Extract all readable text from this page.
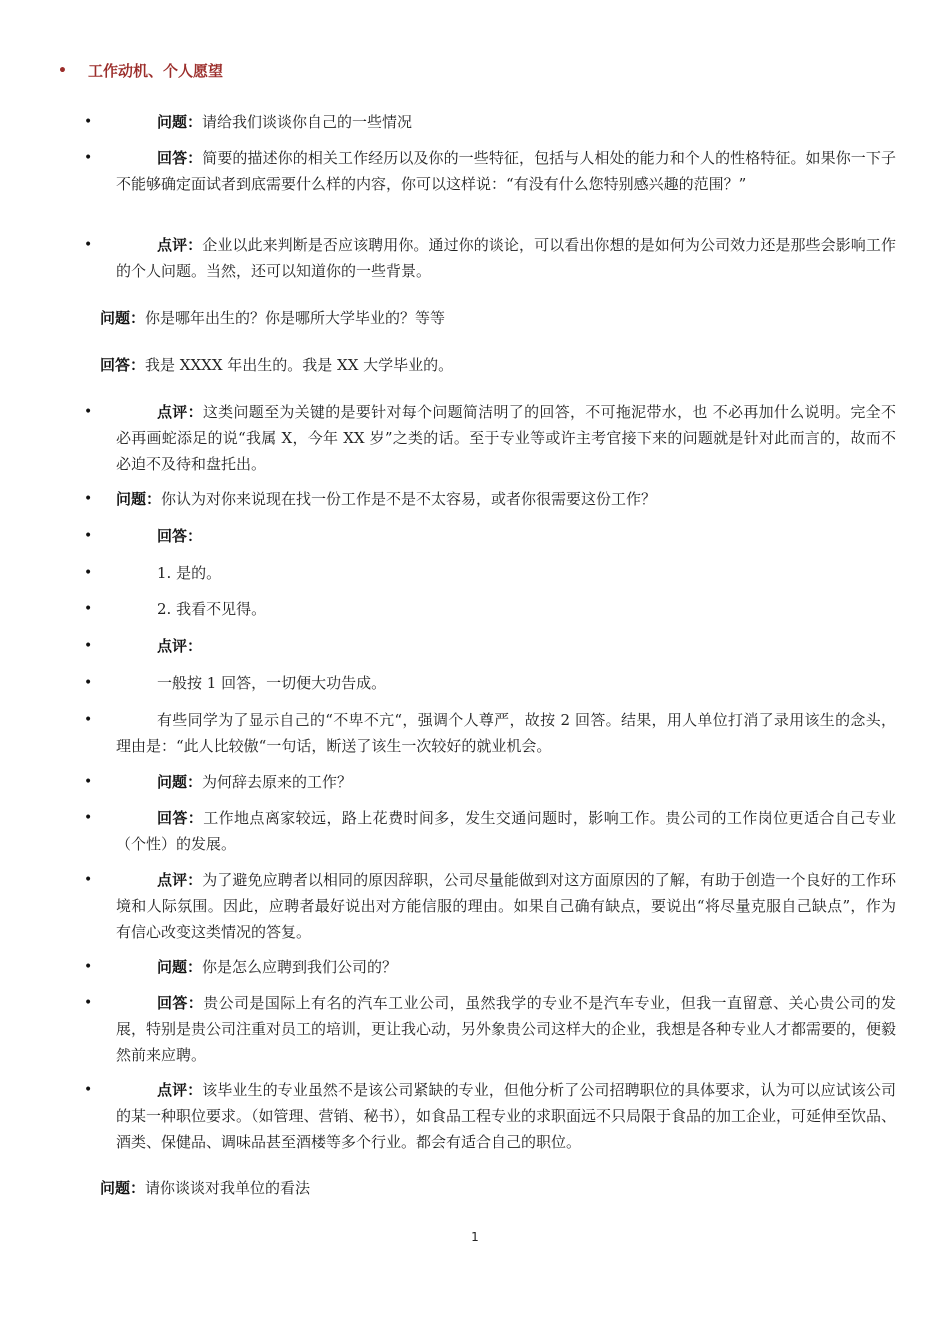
•	工作动机、个人愿望
•	问题：请给我们谈谈你自己的一些情况
•	回答：简要的描述你的相关工作经历以及你的一些特征，包括与人相处的能力和个人的性格特征。如果你一下子不能够确定面试者到底需要什么样的内容，你可以这样说：“有没有什么您特别感兴趣的范围？”
•	点评：企业以此来判断是否应该聘用你。通过你的谈论，可以看出你想的是如何为公司效力还是那些会影响工作的个人问题。当然，还可以知道你的一些背景。
问题：你是哪年出生的？你是哪所大学毕业的？等等
回答：我是 XXXX 年出生的。我是 XX 大学毕业的。
•	点评：这类问题至为关键的是要针对每个问题简洁明了的回答，不可拖泥带水，也 不必再加什么说明。完全不必再画蛇添足的说“我属 X，今年 XX 岁”之类的话。至于专业等或许主考官接下来的问题就是针对此而言的，故而不必迫不及待和盘托出。
• 问题：你认为对你来说现在找一份工作是不是不太容易，或者你很需要这份工作？
•	回答：
•	1. 是的。
•	2. 我看不见得。
•	点评：
•	一般按 1 回答，一切便大功告成。
•	有些同学为了显示自己的“不卑不亢“，强调个人尊严，故按 2 回答。结果，用人单位打消了录用该生的念头，理由是：“此人比较傲“一句话，断送了该生一次较好的就业机会。
•	问题：为何辞去原来的工作？
•	回答：工作地点离家较远，路上花费时间多，发生交通问题时，影响工作。贵公司的工作岗位更适合自己专业（个性）的发展。
•	点评：为了避免应聘者以相同的原因辞职，公司尽量能做到对这方面原因的了解，有助于创造一个良好的工作环境和人际氛围。因此，应聘者最好说出对方能信服的理由。如果自己确有缺点，要说出“将尽量克服自己缺点”，作为有信心改变这类情况的答复。
•	问题：你是怎么应聘到我们公司的？
•	回答：贵公司是国际上有名的汽车工业公司，虽然我学的专业不是汽车专业，但我一直留意、关心贵公司的发展，特别是贵公司注重对员工的培训，更让我心动，另外象贵公司这样大的企业，我想是各种专业人才都需要的，便毅然前来应聘。
•	点评：该毕业生的专业虽然不是该公司紧缺的专业，但他分析了公司招聘职位的具体要求，认为可以应试该公司的某一种职位要求。（如管理、营销、秘书），如食品工程专业的求职面远不只局限于食品的加工企业，可延伸至饮品、酒类、保健品、调味品甚至酒楼等多个行业。都会有适合自己的职位。
问题：请你谈谈对我单位的看法
1
